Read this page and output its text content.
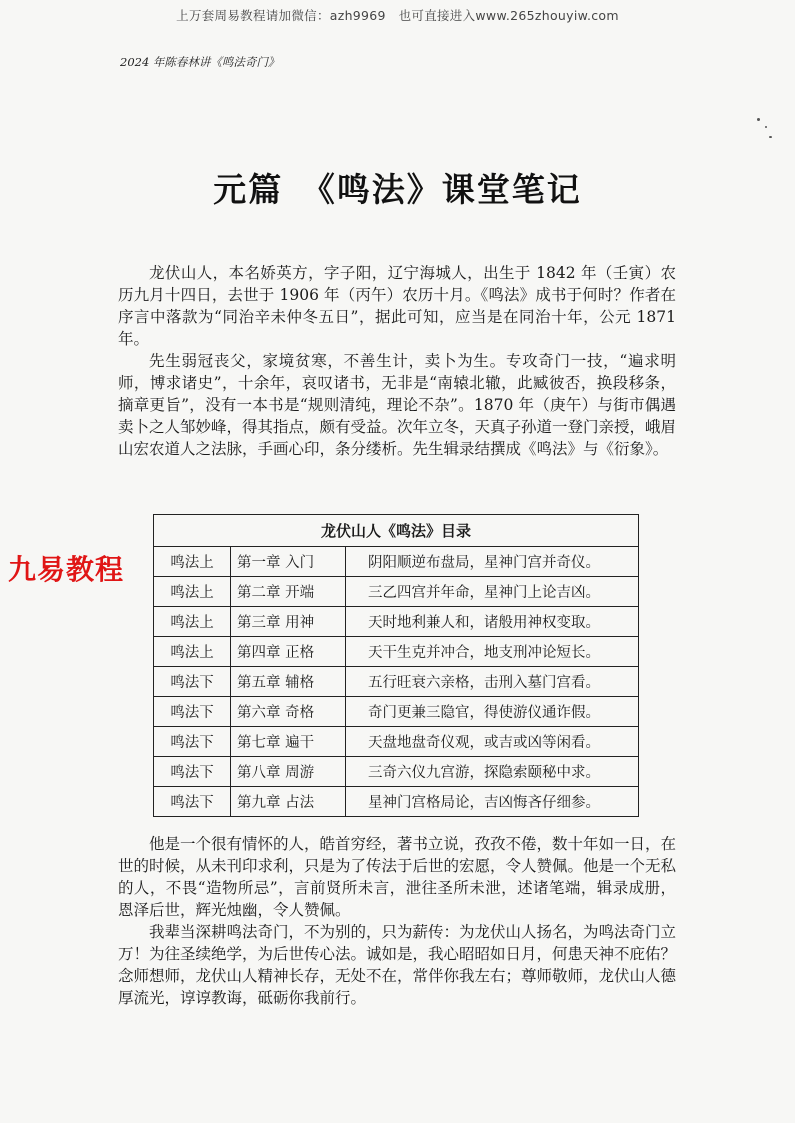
上万套周易教程请加微信：azh9969　也可直接进入www.265zhouyiw.com
2024 年陈春林讲《鸣法奇门》
元篇　《鸣法》课堂笔记

龙伏山人，本名娇英方，字子阳，辽宁海城人，出生于 1842 年（壬寅）农历九月十四日，去世于 1906 年（丙午）农历十月。《鸣法》成书于何时？作者在序言中落款为“同治辛未仲冬五日”，据此可知，应当是在同治十年，公元 1871 年。

先生弱冠丧父，家境贫寒，不善生计，卖卜为生。专攻奇门一技，“遍求明师，博求诸史”，十余年，哀叹诸书，无非是“南辕北辙，此臧彼否，换段移条，摘章更旨”，没有一本书是“规则清纯，理论不杂”。1870 年（庚午）与街市偶遇卖卜之人邹妙峰，得其指点，颇有受益。次年立冬，天真子孙道一登门亲授，峨眉山宏农道人之法脉，手画心印，条分缕析。先生辑录结撰成《鸣法》与《衍象》。

九易教程
龙伏山人《鸣法》目录		
鸣法上	第一章 入门	阴阳顺逆布盘局，星神门宫并奇仪。
鸣法上	第二章 开端	三乙四宫并年命，星神门上论吉凶。
鸣法上	第三章 用神	天时地利兼人和，诸般用神权变取。
鸣法上	第四章 正格	天干生克并冲合，地支刑冲论短长。
鸣法下	第五章 辅格	五行旺衰六亲格，击刑入墓门宫看。
鸣法下	第六章 奇格	奇门更兼三隐官，得使游仪通诈假。
鸣法下	第七章 遍干	天盘地盘奇仪观，或吉或凶等闲看。
鸣法下	第八章 周游	三奇六仪九宫游，探隐索颐秘中求。
鸣法下	第九章 占法	星神门宫格局论，吉凶悔吝仔细参。

他是一个很有情怀的人，皓首穷经，著书立说，孜孜不倦，数十年如一日，在世的时候，从未刊印求利，只是为了传法于后世的宏愿，令人赞佩。他是一个无私的人，不畏“造物所忌”，言前贤所未言，泄往圣所未泄，述诸笔端，辑录成册，恩泽后世，辉光烛幽，令人赞佩。

我辈当深耕鸣法奇门，不为别的，只为薪传：为龙伏山人扬名，为鸣法奇门立万！为往圣续绝学，为后世传心法。诚如是，我心昭昭如日月，何患天神不庇佑？念师想师，龙伏山人精神长存，无处不在，常伴你我左右；尊师敬师，龙伏山人德厚流光，谆谆教诲，砥砺你我前行。
